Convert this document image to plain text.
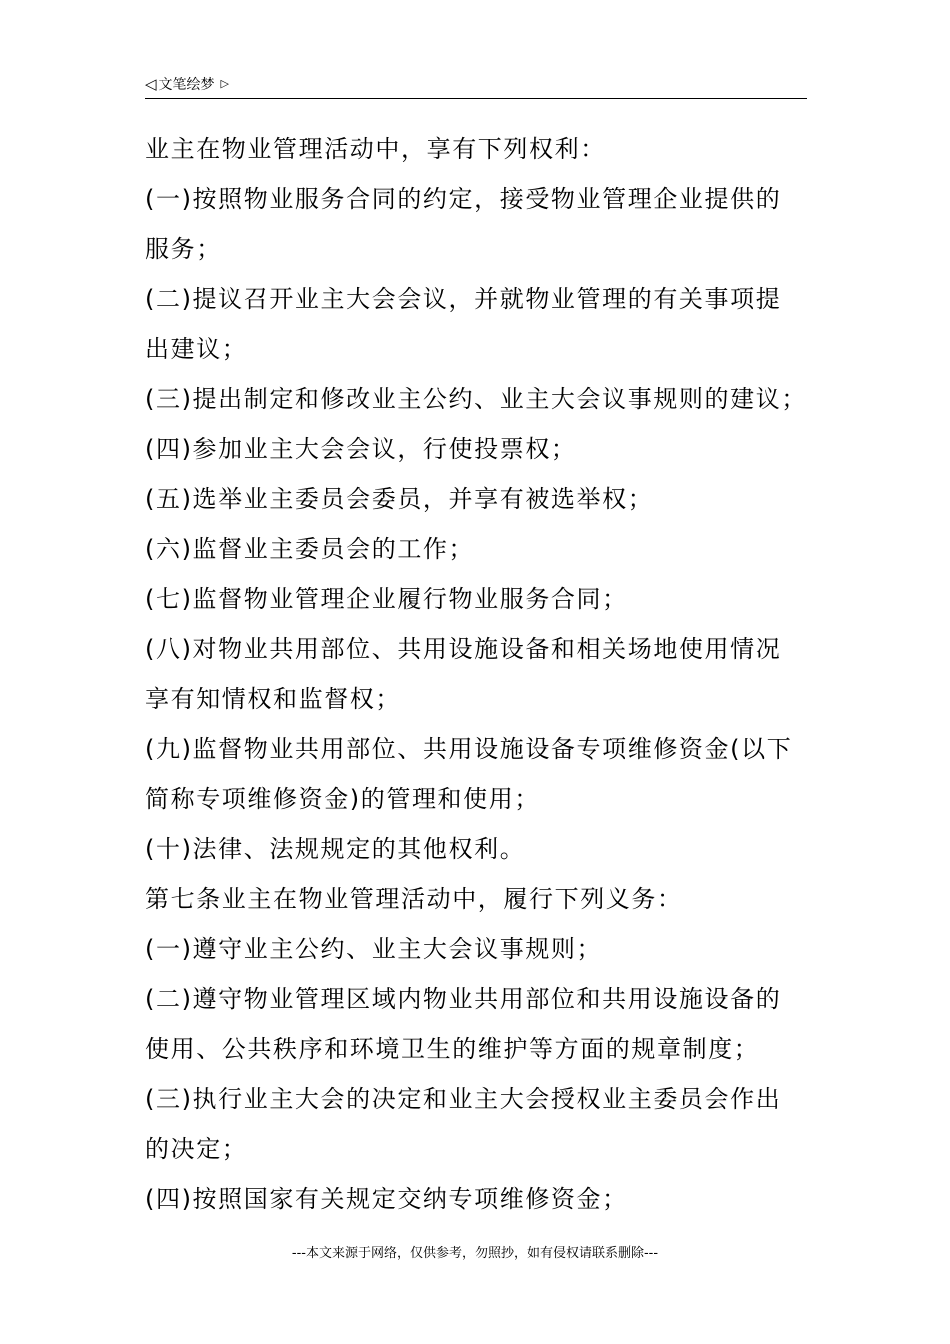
◁ 文笔绘梦 ▷
业主在物业管理活动中，享有下列权利：
(一)按照物业服务合同的约定，接受物业管理企业提供的
服务；
(二)提议召开业主大会会议，并就物业管理的有关事项提
出建议；
(三)提出制定和修改业主公约、业主大会议事规则的建议；
(四)参加业主大会会议，行使投票权；
(五)选举业主委员会委员，并享有被选举权；
(六)监督业主委员会的工作；
(七)监督物业管理企业履行物业服务合同；
(八)对物业共用部位、共用设施设备和相关场地使用情况
享有知情权和监督权；
(九)监督物业共用部位、共用设施设备专项维修资金(以下
简称专项维修资金)的管理和使用；
(十)法律、法规规定的其他权利。
第七条业主在物业管理活动中，履行下列义务：
(一)遵守业主公约、业主大会议事规则；
(二)遵守物业管理区域内物业共用部位和共用设施设备的
使用、公共秩序和环境卫生的维护等方面的规章制度；
(三)执行业主大会的决定和业主大会授权业主委员会作出
的决定；
(四)按照国家有关规定交纳专项维修资金；
---本文来源于网络，仅供参考，勿照抄，如有侵权请联系删除---
